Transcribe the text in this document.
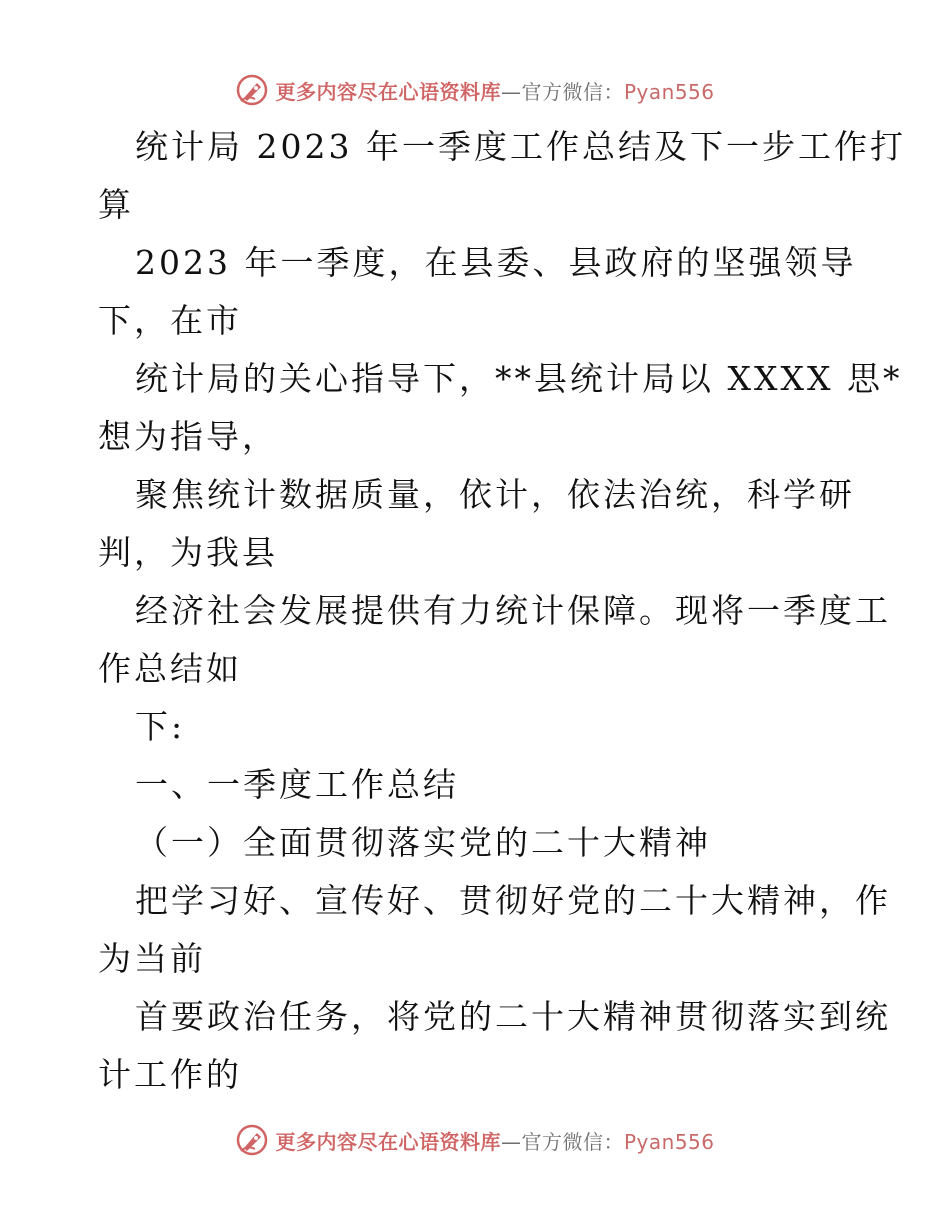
更多内容尽在心语资料库—官方微信：Pyan556

统计局 2023 年一季度工作总结及下一步工作打

算

2023 年一季度，在县委、县政府的坚强领导

下，在市

统计局的关心指导下，**县统计局以 XXXX 思*

想为指导，

聚焦统计数据质量，依计，依法治统，科学研

判，为我县

经济社会发展提供有力统计保障。现将一季度工

作总结如

下:

一、一季度工作总结

（一）全面贯彻落实党的二十大精神

把学习好、宣传好、贯彻好党的二十大精神，作

为当前

首要政治任务，将党的二十大精神贯彻落实到统

计工作的

更多内容尽在心语资料库—官方微信：Pyan556
